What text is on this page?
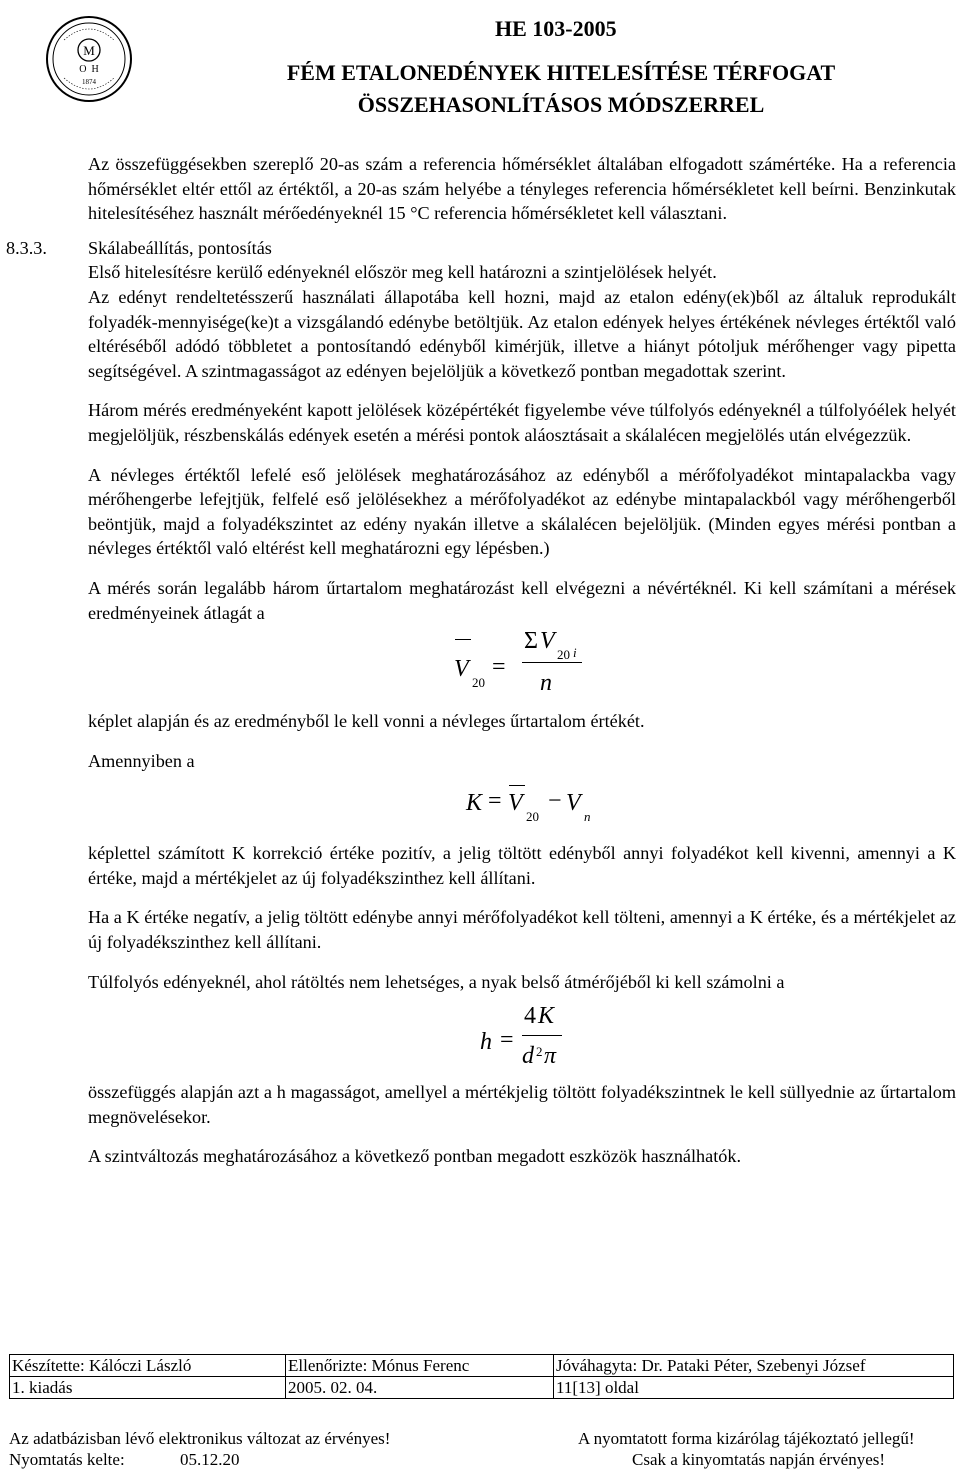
M
O  H
1874
HE 103-2005
FÉM ETALONEDÉNYEK HITELESÍTÉSE TÉRFOGAT
ÖSSZEHASONLÍTÁSOS MÓDSZERREL

Az összefüggésekben szereplő 20-as szám a referencia hőmérséklet általában elfogadott számértéke. Ha a referencia hőmérséklet eltér ettől az értéktől, a 20-as szám helyébe a tényleges referencia hőmérsékletet kell beírni. Benzinkutak hitelesítéséhez használt mérőedényeknél 15 °C referencia hőmérsékletet kell választani.

8.3.3. Skálabeállítás, pontosítás

Első hitelesítésre kerülő edényeknél először meg kell határozni a szintjelölések helyét.

Az edényt rendeltetésszerű használati állapotába kell hozni, majd az etalon edény(ek)ből az általuk reprodukált folyadék-mennyisége(ke)t a vizsgálandó edénybe betöltjük. Az etalon edények helyes értékének névleges értéktől való eltéréséből adódó többletet a pontosítandó edényből kimérjük, illetve a hiányt pótoljuk mérőhenger vagy pipetta segítségével. A szintmagasságot az edényen bejelöljük a következő pontban megadottak szerint.

Három mérés eredményeként kapott jelölések középértékét figyelembe véve túlfolyós edényeknél a túlfolyóélek helyét megjelöljük, részbenskálás edények esetén a mérési pontok aláosztásait a skálalécen megjelölés után elvégezzük.

A névleges értéktől lefelé eső jelölések meghatározásához az edényből a mérőfolyadékot mintapalackba vagy mérőhengerbe lefejtjük, felfelé eső jelölésekhez a mérőfolyadékot az edénybe mintapalackból vagy mérőhengerből beöntjük, majd a folyadékszintet az edény nyakán illetve a skálalécen bejelöljük. (Minden egyes mérési pontban a névleges értéktől való eltérést kell meghatározni egy lépésben.)

A mérés során legalább három űrtartalom meghatározást kell elvégezni a névértéknél. Ki kell számítani a mérések eredményeinek átlagát a

V
20
=
Σ V
20 i
n

képlet alapján és az eredményből le kell vonni a névleges űrtartalom értékét.

Amennyiben a

K = V
20
− V
n

képlettel számított K korrekció értéke pozitív, a jelig töltött edényből annyi folyadékot kell kivenni, amennyi a K értéke, majd a mértékjelet az új folyadékszinthez kell állítani.

Ha a K értéke negatív, a jelig töltött edénybe annyi mérőfolyadékot kell tölteni, amennyi a K értéke, és a mértékjelet az új folyadékszinthez kell állítani.

Túlfolyós edényeknél, ahol rátöltés nem lehetséges, a nyak belső átmérőjéből ki kell számolni a

h =
4 K
d 2 π

összefüggés alapján azt a h magasságot, amellyel a mértékjelig töltött folyadékszintnek le kell süllyednie az űrtartalom megnövelésekor.

A szintváltozás meghatározásához a következő pontban megadott eszközök használhatók.

Készítette: Kálóczi László	Ellenőrizte: Mónus Ferenc	Jóváhagyta: Dr. Pataki Péter, Szebenyi József
1. kiadás	2005. 02. 04.	11[13] oldal
Az adatbázisban lévő elektronikus változat az érvényes!	A nyomtatott forma kizárólag tájékoztató jellegű!
Nyomtatás kelte:	05.12.20	Csak a kinyomtatás napján érvényes!
